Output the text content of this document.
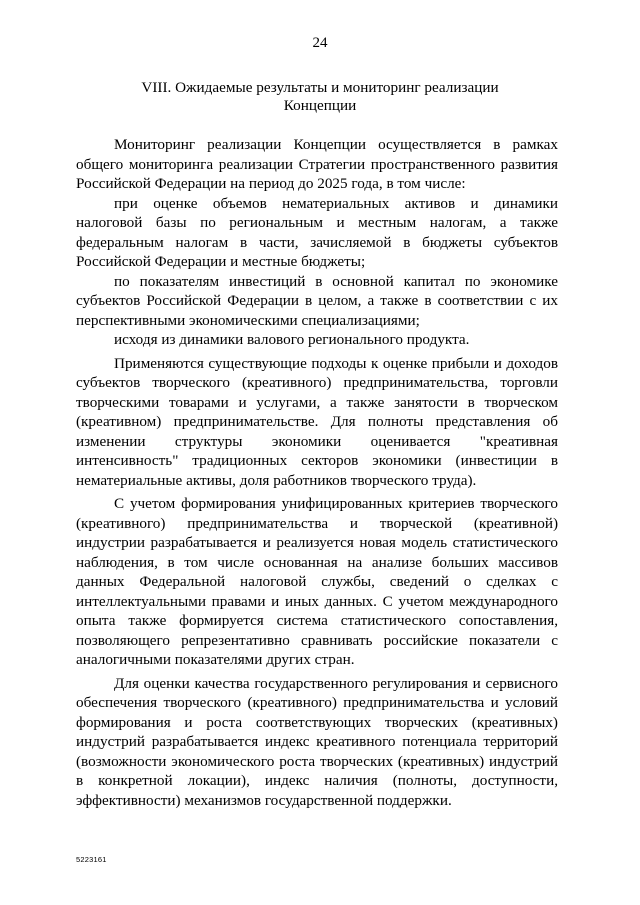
24
VIII. Ожидаемые результаты и мониторинг реализации
Концепции

Мониторинг реализации Концепции осуществляется в рамках общего мониторинга реализации Стратегии пространственного развития Российской Федерации на период до 2025 года, в том числе:

при оценке объемов нематериальных активов и динамики налоговой базы по региональным и местным налогам, а также федеральным налогам в части, зачисляемой в бюджеты субъектов Российской Федерации и местные бюджеты;

по показателям инвестиций в основной капитал по экономике субъектов Российской Федерации в целом, а также в соответствии с их перспективными экономическими специализациями;

исходя из динамики валового регионального продукта.

Применяются существующие подходы к оценке прибыли и доходов субъектов творческого (креативного) предпринимательства, торговли творческими товарами и услугами, а также занятости в творческом (креативном) предпринимательстве. Для полноты представления об изменении структуры экономики оценивается "креативная интенсивность" традиционных секторов экономики (инвестиции в нематериальные активы, доля работников творческого труда).

С учетом формирования унифицированных критериев творческого (креативного) предпринимательства и творческой (креативной) индустрии разрабатывается и реализуется новая модель статистического наблюдения, в том числе основанная на анализе больших массивов данных Федеральной налоговой службы, сведений о сделках с интеллектуальными правами и иных данных. С учетом международного опыта также формируется система статистического сопоставления, позволяющего репрезентативно сравнивать российские показатели с аналогичными показателями других стран.

Для оценки качества государственного регулирования и сервисного обеспечения творческого (креативного) предпринимательства и условий формирования и роста соответствующих творческих (креативных) индустрий разрабатывается индекс креативного потенциала территорий (возможности экономического роста творческих (креативных) индустрий в конкретной локации), индекс наличия (полноты, доступности, эффективности) механизмов государственной поддержки.

5223161
